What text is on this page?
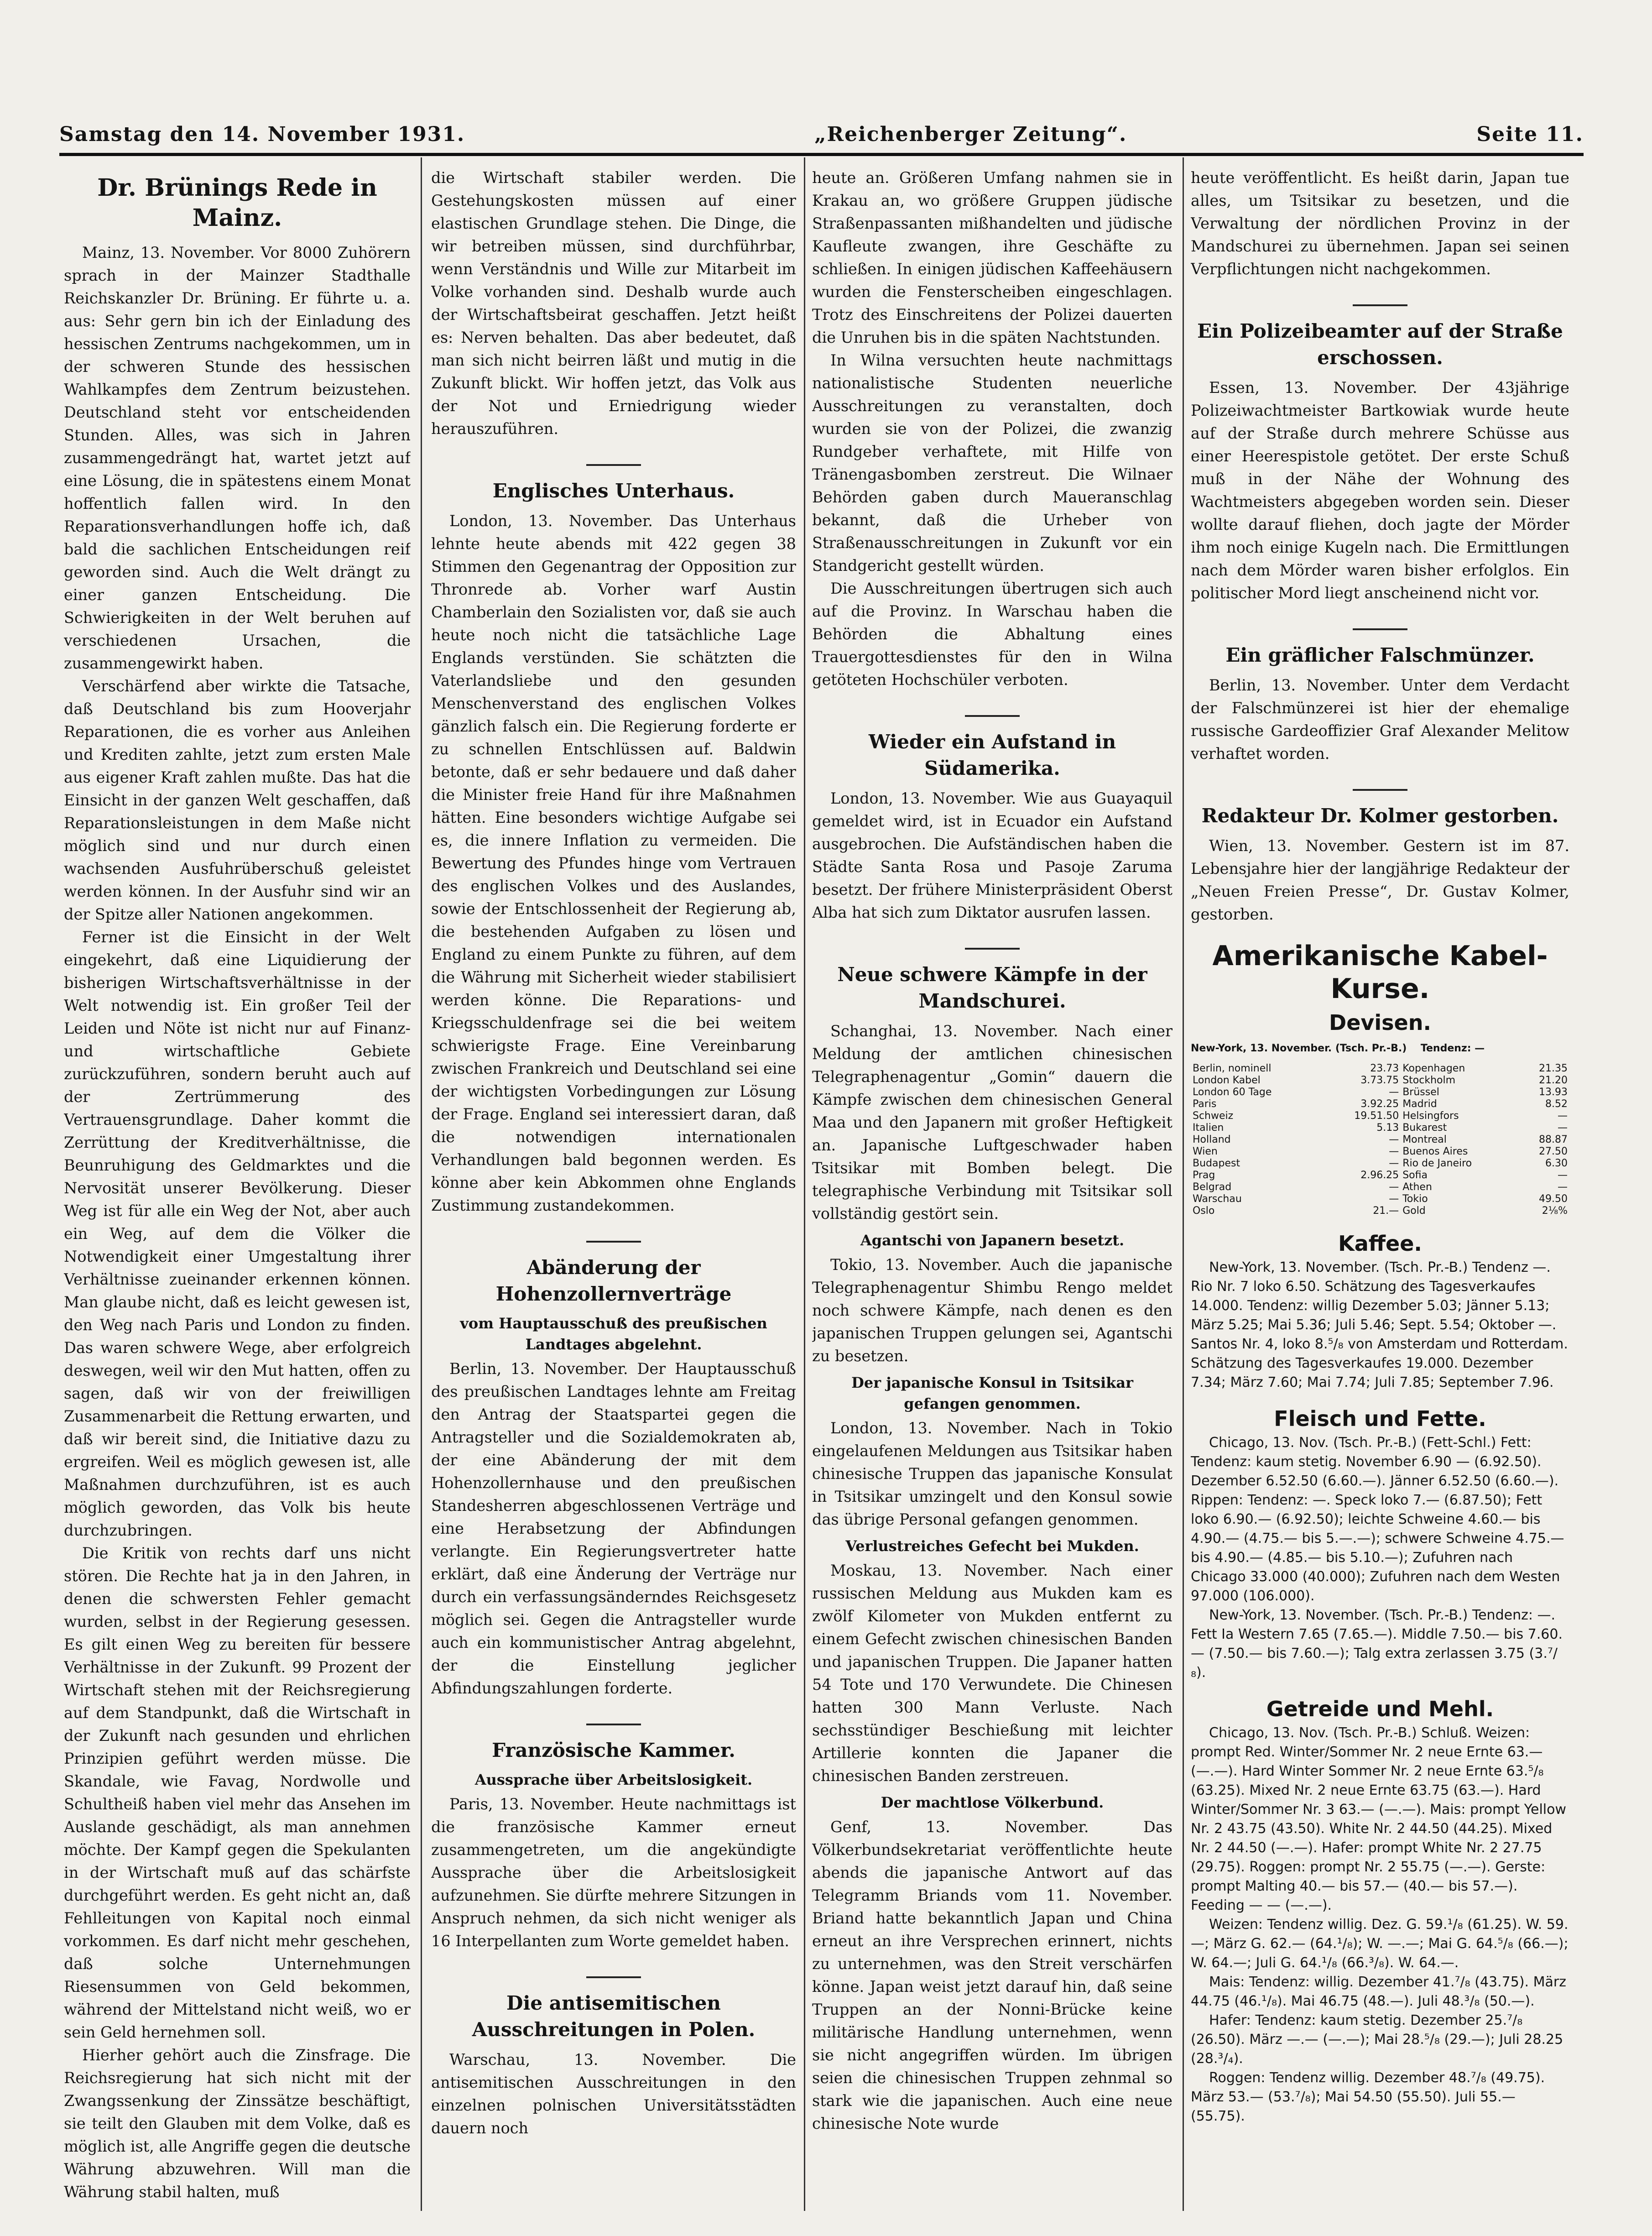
Samstag den 14. November 1931.	„Reichenberger Zeitung“.	Seite 11.
Dr. Brünings Rede in Mainz.

Mainz, 13. November. Vor 8000 Zuhörern sprach in der Mainzer Stadthalle Reichskanzler Dr. Brüning. Er führte u. a. aus: Sehr gern bin ich der Einladung des hessischen Zentrums nachgekommen, um in der schweren Stunde des hessischen Wahlkampfes dem Zentrum beizustehen. Deutschland steht vor entscheidenden Stunden. Alles, was sich in Jahren zusammengedrängt hat, wartet jetzt auf eine Lösung, die in spätestens einem Monat hoffentlich fallen wird. In den Reparationsverhandlungen hoffe ich, daß bald die sachlichen Entscheidungen reif geworden sind. Auch die Welt drängt zu einer ganzen Entscheidung. Die Schwierigkeiten in der Welt beruhen auf verschiedenen Ursachen, die zusammengewirkt haben.

Verschärfend aber wirkte die Tatsache, daß Deutschland bis zum Hooverjahr Reparationen, die es vorher aus Anleihen und Krediten zahlte, jetzt zum ersten Male aus eigener Kraft zahlen mußte. Das hat die Einsicht in der ganzen Welt geschaffen, daß Reparationsleistungen in dem Maße nicht möglich sind und nur durch einen wachsenden Ausfuhrüberschuß geleistet werden können. In der Ausfuhr sind wir an der Spitze aller Nationen angekommen.

Ferner ist die Einsicht in der Welt eingekehrt, daß eine Liquidierung der bisherigen Wirtschaftsverhältnisse in der Welt notwendig ist. Ein großer Teil der Leiden und Nöte ist nicht nur auf Finanz- und wirtschaftliche Gebiete zurückzuführen, sondern beruht auch auf der Zertrümmerung des Vertrauensgrundlage. Daher kommt die Zerrüttung der Kreditverhältnisse, die Beunruhigung des Geldmarktes und die Nervosität unserer Bevölkerung. Dieser Weg ist für alle ein Weg der Not, aber auch ein Weg, auf dem die Völker die Notwendigkeit einer Umgestaltung ihrer Verhältnisse zueinander erkennen können. Man glaube nicht, daß es leicht gewesen ist, den Weg nach Paris und London zu finden. Das waren schwere Wege, aber erfolgreich deswegen, weil wir den Mut hatten, offen zu sagen, daß wir von der freiwilligen Zusammenarbeit die Rettung erwarten, und daß wir bereit sind, die Initiative dazu zu ergreifen. Weil es möglich gewesen ist, alle Maßnahmen durchzuführen, ist es auch möglich geworden, das Volk bis heute durchzubringen.

Die Kritik von rechts darf uns nicht stören. Die Rechte hat ja in den Jahren, in denen die schwersten Fehler gemacht wurden, selbst in der Regierung gesessen. Es gilt einen Weg zu bereiten für bessere Verhältnisse in der Zukunft. 99 Prozent der Wirtschaft stehen mit der Reichsregierung auf dem Standpunkt, daß die Wirtschaft in der Zukunft nach gesunden und ehrlichen Prinzipien geführt werden müsse. Die Skandale, wie Favag, Nordwolle und Schultheiß haben viel mehr das Ansehen im Auslande geschädigt, als man annehmen möchte. Der Kampf gegen die Spekulanten in der Wirtschaft muß auf das schärfste durchgeführt werden. Es geht nicht an, daß Fehlleitungen von Kapital noch einmal vorkommen. Es darf nicht mehr geschehen, daß solche Unternehmungen Riesensummen von Geld bekommen, während der Mittelstand nicht weiß, wo er sein Geld hernehmen soll.

Hierher gehört auch die Zinsfrage. Die Reichsregierung hat sich nicht mit der Zwangssenkung der Zinssätze beschäftigt, sie teilt den Glauben mit dem Volke, daß es möglich ist, alle Angriffe gegen die deutsche Währung abzuwehren. Will man die Währung stabil halten, muß

die Wirtschaft stabiler werden. Die Gestehungskosten müssen auf einer elastischen Grundlage stehen. Die Dinge, die wir betreiben müssen, sind durchführbar, wenn Verständnis und Wille zur Mitarbeit im Volke vorhanden sind. Deshalb wurde auch der Wirtschaftsbeirat geschaffen. Jetzt heißt es: Nerven behalten. Das aber bedeutet, daß man sich nicht beirren läßt und mutig in die Zukunft blickt. Wir hoffen jetzt, das Volk aus der Not und Erniedrigung wieder herauszuführen.

Englisches Unterhaus.

London, 13. November. Das Unterhaus lehnte heute abends mit 422 gegen 38 Stimmen den Gegenantrag der Opposition zur Thronrede ab. Vorher warf Austin Chamberlain den Sozialisten vor, daß sie auch heute noch nicht die tatsächliche Lage Englands verstünden. Sie schätzten die Vaterlandsliebe und den gesunden Menschenverstand des englischen Volkes gänzlich falsch ein. Die Regierung forderte er zu schnellen Entschlüssen auf. Baldwin betonte, daß er sehr bedauere und daß daher die Minister freie Hand für ihre Maßnahmen hätten. Eine besonders wichtige Aufgabe sei es, die innere Inflation zu vermeiden. Die Bewertung des Pfundes hinge vom Vertrauen des englischen Volkes und des Auslandes, sowie der Entschlossenheit der Regierung ab, die bestehenden Aufgaben zu lösen und England zu einem Punkte zu führen, auf dem die Währung mit Sicherheit wieder stabilisiert werden könne. Die Reparations- und Kriegsschuldenfrage sei die bei weitem schwierigste Frage. Eine Vereinbarung zwischen Frankreich und Deutschland sei eine der wichtigsten Vorbedingungen zur Lösung der Frage. England sei interessiert daran, daß die notwendigen internationalen Verhandlungen bald begonnen werden. Es könne aber kein Abkommen ohne Englands Zustimmung zustandekommen.

Abänderung der Hohenzollernverträge
vom Hauptausschuß des preußischen Landtages abgelehnt.

Berlin, 13. November. Der Hauptausschuß des preußischen Landtages lehnte am Freitag den Antrag der Staatspartei gegen die Antragsteller und die Sozialdemokraten ab, der eine Abänderung der mit dem Hohenzollernhause und den preußischen Standesherren abgeschlossenen Verträge und eine Herabsetzung der Abfindungen verlangte. Ein Regierungsvertreter hatte erklärt, daß eine Änderung der Verträge nur durch ein verfassungsänderndes Reichsgesetz möglich sei. Gegen die Antragsteller wurde auch ein kommunistischer Antrag abgelehnt, der die Einstellung jeglicher Abfindungszahlungen forderte.

Französische Kammer.
Aussprache über Arbeitslosigkeit.

Paris, 13. November. Heute nachmittags ist die französische Kammer erneut zusammengetreten, um die angekündigte Aussprache über die Arbeitslosigkeit aufzunehmen. Sie dürfte mehrere Sitzungen in Anspruch nehmen, da sich nicht weniger als 16 Interpellanten zum Worte gemeldet haben.

Die antisemitischen Ausschreitungen in Polen.

Warschau, 13. November. Die antisemitischen Ausschreitungen in den einzelnen polnischen Universitätsstädten dauern noch

heute an. Größeren Umfang nahmen sie in Krakau an, wo größere Gruppen jüdische Straßenpassanten mißhandelten und jüdische Kaufleute zwangen, ihre Geschäfte zu schließen. In einigen jüdischen Kaffeehäusern wurden die Fensterscheiben eingeschlagen. Trotz des Einschreitens der Polizei dauerten die Unruhen bis in die späten Nachtstunden.

In Wilna versuchten heute nachmittags nationalistische Studenten neuerliche Ausschreitungen zu veranstalten, doch wurden sie von der Polizei, die zwanzig Rundgeber verhaftete, mit Hilfe von Tränengasbomben zerstreut. Die Wilnaer Behörden gaben durch Maueranschlag bekannt, daß die Urheber von Straßenausschreitungen in Zukunft vor ein Standgericht gestellt würden.

Die Ausschreitungen übertrugen sich auch auf die Provinz. In Warschau haben die Behörden die Abhaltung eines Trauergottesdienstes für den in Wilna getöteten Hochschüler verboten.

Wieder ein Aufstand in Südamerika.

London, 13. November. Wie aus Guayaquil gemeldet wird, ist in Ecuador ein Aufstand ausgebrochen. Die Aufständischen haben die Städte Santa Rosa und Pasoje Zaruma besetzt. Der frühere Ministerpräsident Oberst Alba hat sich zum Diktator ausrufen lassen.

Neue schwere Kämpfe in der Mandschurei.

Schanghai, 13. November. Nach einer Meldung der amtlichen chinesischen Telegraphenagentur „Gomin“ dauern die Kämpfe zwischen dem chinesischen General Maa und den Japanern mit großer Heftigkeit an. Japanische Luftgeschwader haben Tsitsikar mit Bomben belegt. Die telegraphische Verbindung mit Tsitsikar soll vollständig gestört sein.

Agantschi von Japanern besetzt.

Tokio, 13. November. Auch die japanische Telegraphenagentur Shimbu Rengo meldet noch schwere Kämpfe, nach denen es den japanischen Truppen gelungen sei, Agantschi zu besetzen.

Der japanische Konsul in Tsitsikar gefangen genommen.

London, 13. November. Nach in Tokio eingelaufenen Meldungen aus Tsitsikar haben chinesische Truppen das japanische Konsulat in Tsitsikar umzingelt und den Konsul sowie das übrige Personal gefangen genommen.

Verlustreiches Gefecht bei Mukden.

Moskau, 13. November. Nach einer russischen Meldung aus Mukden kam es zwölf Kilometer von Mukden entfernt zu einem Gefecht zwischen chinesischen Banden und japanischen Truppen. Die Japaner hatten 54 Tote und 170 Verwundete. Die Chinesen hatten 300 Mann Verluste. Nach sechsstündiger Beschießung mit leichter Artillerie konnten die Japaner die chinesischen Banden zerstreuen.

Der machtlose Völkerbund.

Genf, 13. November. Das Völkerbundsekretariat veröffentlichte heute abends die japanische Antwort auf das Telegramm Briands vom 11. November. Briand hatte bekanntlich Japan und China erneut an ihre Versprechen erinnert, nichts zu unternehmen, was den Streit verschärfen könne. Japan weist jetzt darauf hin, daß seine Truppen an der Nonni-Brücke keine militärische Handlung unternehmen, wenn sie nicht angegriffen würden. Im übrigen seien die chinesischen Truppen zehnmal so stark wie die japanischen. Auch eine neue chinesische Note wurde

heute veröffentlicht. Es heißt darin, Japan tue alles, um Tsitsikar zu besetzen, und die Verwaltung der nördlichen Provinz in der Mandschurei zu übernehmen. Japan sei seinen Verpflichtungen nicht nachgekommen.

Ein Polizeibeamter auf der Straße erschossen.

Essen, 13. November. Der 43jährige Polizeiwachtmeister Bartkowiak wurde heute auf der Straße durch mehrere Schüsse aus einer Heerespistole getötet. Der erste Schuß muß in der Nähe der Wohnung des Wachtmeisters abgegeben worden sein. Dieser wollte darauf fliehen, doch jagte der Mörder ihm noch einige Kugeln nach. Die Ermittlungen nach dem Mörder waren bisher erfolglos. Ein politischer Mord liegt anscheinend nicht vor.

Ein gräflicher Falschmünzer.

Berlin, 13. November. Unter dem Verdacht der Falschmünzerei ist hier der ehemalige russische Gardeoffizier Graf Alexander Melitow verhaftet worden.

Redakteur Dr. Kolmer gestorben.

Wien, 13. November. Gestern ist im 87. Lebensjahre hier der langjährige Redakteur der „Neuen Freien Presse“, Dr. Gustav Kolmer, gestorben.

Amerikanische Kabel-Kurse.
Devisen.
New-York, 13. November. (Tsch. Pr.-B.) Tendenz: —
Berlin, nominell	23.73	Kopenhagen	21.35
London Kabel	3.73.75	Stockholm	21.20
London 60 Tage	—	Brüssel	13.93
Paris	3.92.25	Madrid	8.52
Schweiz	19.51.50	Helsingfors	—
Italien	5.13	Bukarest	—
Holland	—	Montreal	88.87
Wien	—	Buenos Aires	27.50
Budapest	—	Rio de Janeiro	6.30
Prag	2.96.25	Sofia	—
Belgrad	—	Athen	—
Warschau	—	Tokio	49.50
Oslo	21.—	Gold	2⅛%
Kaffee.

New-York, 13. November. (Tsch. Pr.-B.) Tendenz —. Rio Nr. 7 loko 6.50. Schätzung des Tagesverkaufes 14.000. Tendenz: willig Dezember 5.03; Jänner 5.13; März 5.25; Mai 5.36; Juli 5.46; Sept. 5.54; Oktober —. Santos Nr. 4, loko 8.⁵/₈ von Amsterdam und Rotterdam. Schätzung des Tagesverkaufes 19.000. Dezember 7.34; März 7.60; Mai 7.74; Juli 7.85; September 7.96.

Fleisch und Fette.

Chicago, 13. Nov. (Tsch. Pr.-B.) (Fett-Schl.) Fett: Tendenz: kaum stetig. November 6.90 — (6.92.50). Dezember 6.52.50 (6.60.—). Jänner 6.52.50 (6.60.—). Rippen: Tendenz: —. Speck loko 7.— (6.87.50); Fett loko 6.90.— (6.92.50); leichte Schweine 4.60.— bis 4.90.— (4.75.— bis 5.—.—); schwere Schweine 4.75.— bis 4.90.— (4.85.— bis 5.10.—); Zufuhren nach Chicago 33.000 (40.000); Zufuhren nach dem Westen 97.000 (106.000).

New-York, 13. November. (Tsch. Pr.-B.) Tendenz: —. Fett Ia Western 7.65 (7.65.—). Middle 7.50.— bis 7.60.— (7.50.— bis 7.60.—); Talg extra zerlassen 3.75 (3.⁷/₈).

Getreide und Mehl.

Chicago, 13. Nov. (Tsch. Pr.-B.) Schluß. Weizen: prompt Red. Winter/Sommer Nr. 2 neue Ernte 63.— (—.—). Hard Winter Sommer Nr. 2 neue Ernte 63.⁵/₈ (63.25). Mixed Nr. 2 neue Ernte 63.75 (63.—). Hard Winter/Sommer Nr. 3 63.— (—.—). Mais: prompt Yellow Nr. 2 43.75 (43.50). White Nr. 2 44.50 (44.25). Mixed Nr. 2 44.50 (—.—). Hafer: prompt White Nr. 2 27.75 (29.75). Roggen: prompt Nr. 2 55.75 (—.—). Gerste: prompt Malting 40.— bis 57.— (40.— bis 57.—). Feeding — — (—.—).

Weizen: Tendenz willig. Dez. G. 59.¹/₈ (61.25). W. 59.—; März G. 62.— (64.¹/₈); W. —.—; Mai G. 64.⁵/₈ (66.—); W. 64.—; Juli G. 64.¹/₈ (66.³/₈). W. 64.—.

Mais: Tendenz: willig. Dezember 41.⁷/₈ (43.75). März 44.75 (46.¹/₈). Mai 46.75 (48.—). Juli 48.³/₈ (50.—).

Hafer: Tendenz: kaum stetig. Dezember 25.⁷/₈ (26.50). März —.— (—.—); Mai 28.⁵/₈ (29.—); Juli 28.25 (28.³/₄).

Roggen: Tendenz willig. Dezember 48.⁷/₈ (49.75). März 53.— (53.⁷/₈); Mai 54.50 (55.50). Juli 55.— (55.75).
